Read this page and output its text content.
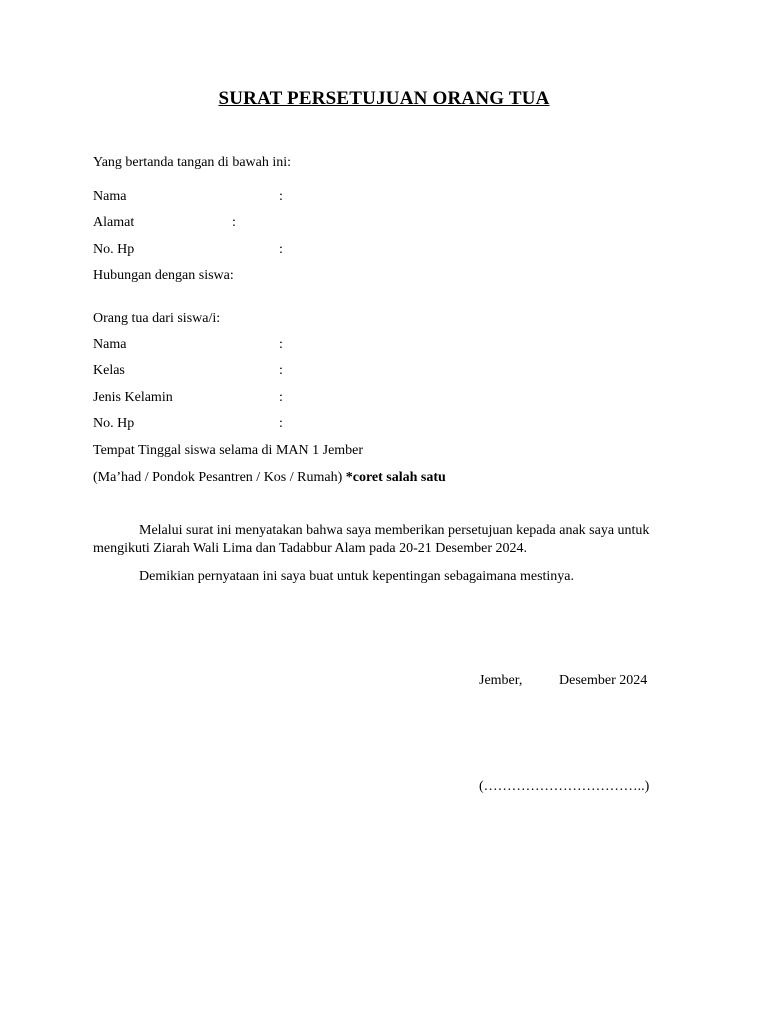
SURAT PERSETUJUAN ORANG TUA
Yang bertanda tangan di bawah ini:
Nama	:
Alamat	:
No. Hp	:
Hubungan dengan siswa:
Orang tua dari siswa/i:
Nama	:
Kelas	:
Jenis Kelamin	:
No. Hp	:
Tempat Tinggal siswa selama di MAN 1 Jember
(Ma’had / Pondok Pesantren / Kos / Rumah) *coret salah satu
Melalui surat ini menyatakan bahwa saya memberikan persetujuan kepada anak saya untuk mengikuti Ziarah Wali Lima dan Tadabbur Alam pada 20-21 Desember 2024.
Demikian pernyataan ini saya buat untuk kepentingan sebagaimana mestinya.
Jember,	Desember 2024
(……………………………..)
